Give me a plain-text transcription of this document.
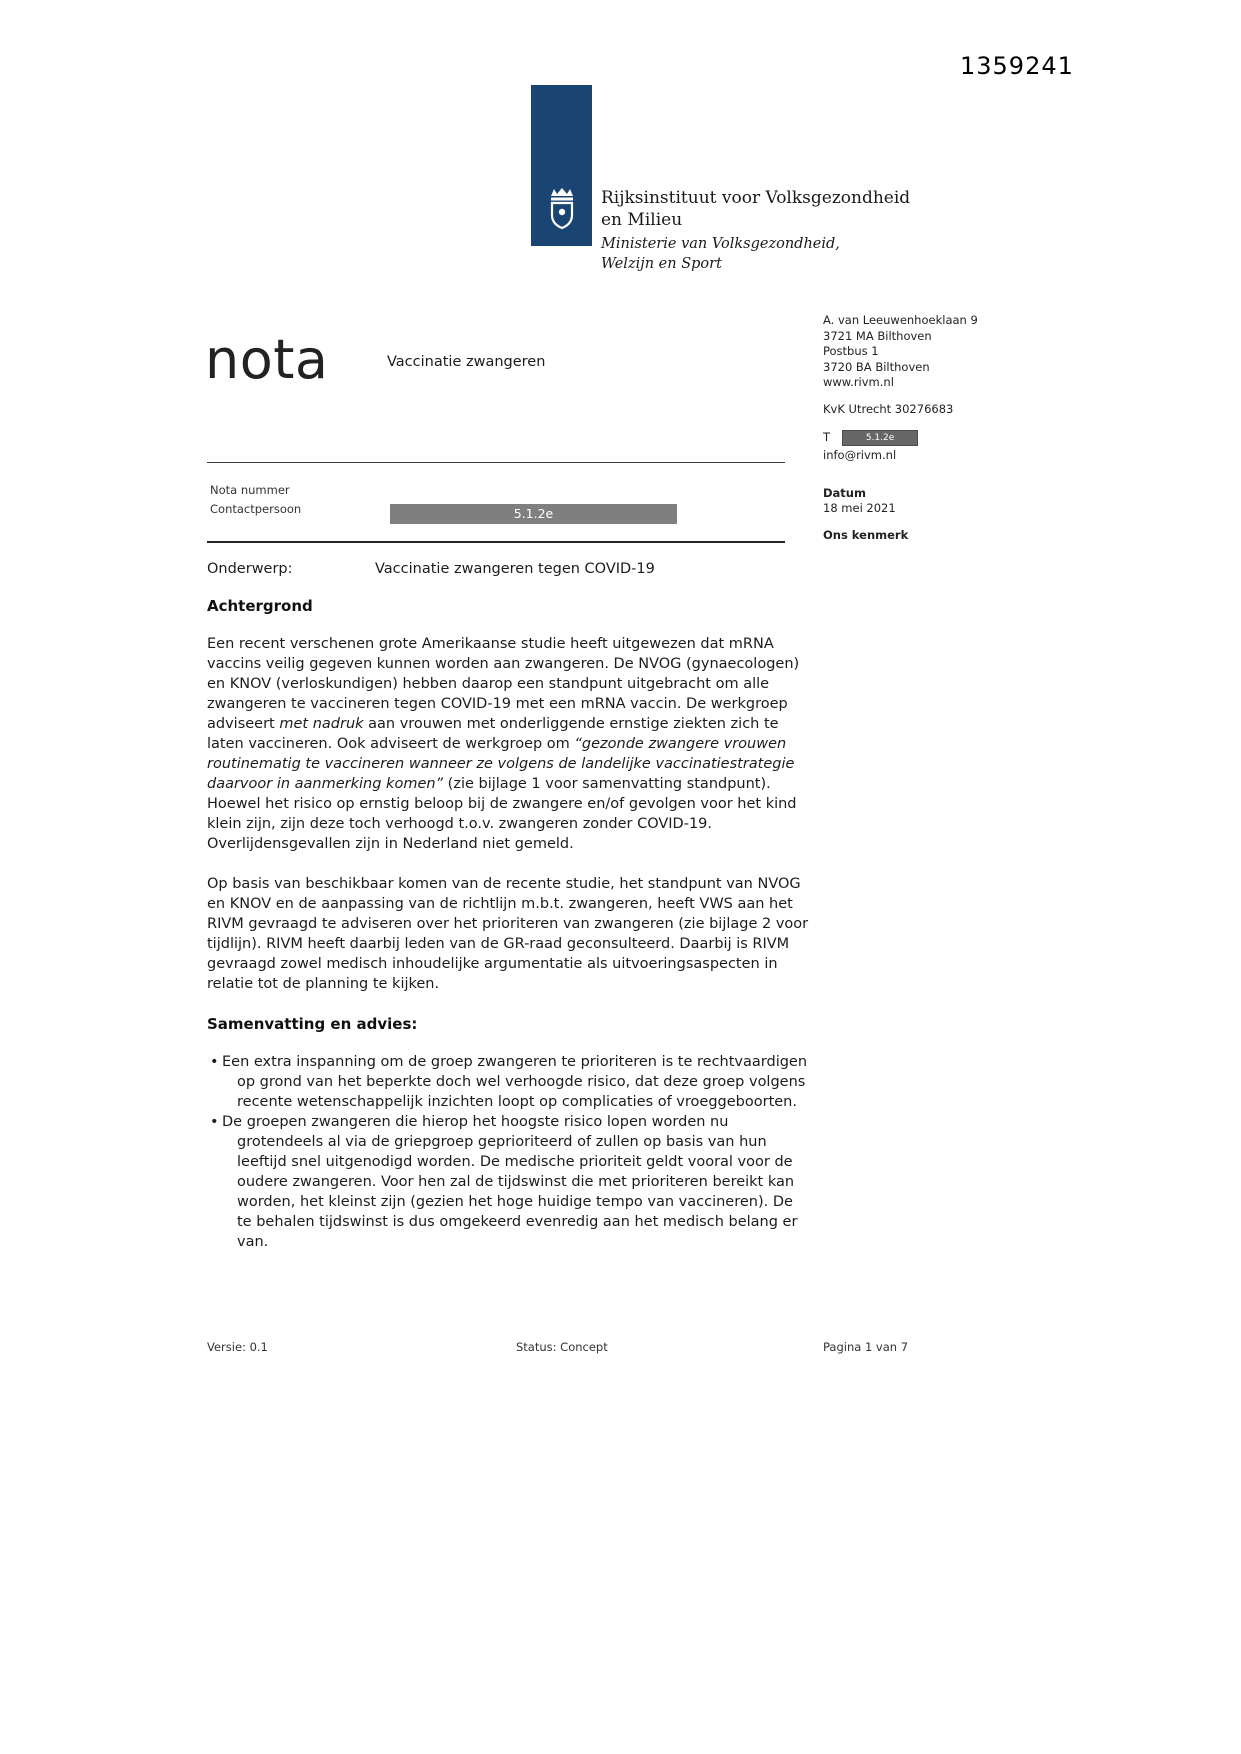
1359241
Rijksinstituut voor Volksgezondheid
en Milieu
Ministerie van Volksgezondheid,
Welzijn en Sport
nota	Vaccinatie zwangeren
A. van Leeuwenhoeklaan 9
3721 MA Bilthoven
Postbus 1
3720 BA Bilthoven
www.rivm.nl
KvK Utrecht 30276683
T	5.1.2e
info@rivm.nl
Datum
18 mei 2021
Ons kenmerk
Nota nummer
Contactpersoon	5.1.2e
Onderwerp:	Vaccinatie zwangeren tegen COVID-19
Achtergrond

Een recent verschenen grote Amerikaanse studie heeft uitgewezen dat mRNA vaccins veilig gegeven kunnen worden aan zwangeren. De NVOG (gynaecologen) en KNOV (verloskundigen) hebben daarop een standpunt uitgebracht om alle zwangeren te vaccineren tegen COVID-19 met een mRNA vaccin. De werkgroep adviseert met nadruk aan vrouwen met onderliggende ernstige ziekten zich te laten vaccineren. Ook adviseert de werkgroep om “gezonde zwangere vrouwen routinematig te vaccineren wanneer ze volgens de landelijke vaccinatiestrategie daarvoor in aanmerking komen” (zie bijlage 1 voor samenvatting standpunt). Hoewel het risico op ernstig beloop bij de zwangere en/of gevolgen voor het kind klein zijn, zijn deze toch verhoogd t.o.v. zwangeren zonder COVID-19. Overlijdensgevallen zijn in Nederland niet gemeld.

Op basis van beschikbaar komen van de recente studie, het standpunt van NVOG en KNOV en de aanpassing van de richtlijn m.b.t. zwangeren, heeft VWS aan het RIVM gevraagd te adviseren over het prioriteren van zwangeren (zie bijlage 2 voor tijdlijn). RIVM heeft daarbij leden van de GR-raad geconsulteerd. Daarbij is RIVM gevraagd zowel medisch inhoudelijke argumentatie als uitvoeringsaspecten in relatie tot de planning te kijken.

Samenvatting en advies:
• Een extra inspanning om de groep zwangeren te prioriteren is te rechtvaardigen op grond van het beperkte doch wel verhoogde risico, dat deze groep volgens recente wetenschappelijk inzichten loopt op complicaties of vroeggeboorten.
• De groepen zwangeren die hierop het hoogste risico lopen worden nu grotendeels al via de griepgroep geprioriteerd of zullen op basis van hun leeftijd snel uitgenodigd worden. De medische prioriteit geldt vooral voor de oudere zwangeren. Voor hen zal de tijdswinst die met prioriteren bereikt kan worden, het kleinst zijn (gezien het hoge huidige tempo van vaccineren). De te behalen tijdswinst is dus omgekeerd evenredig aan het medisch belang er van.
Versie: 0.1	Status: Concept	Pagina 1 van 7
